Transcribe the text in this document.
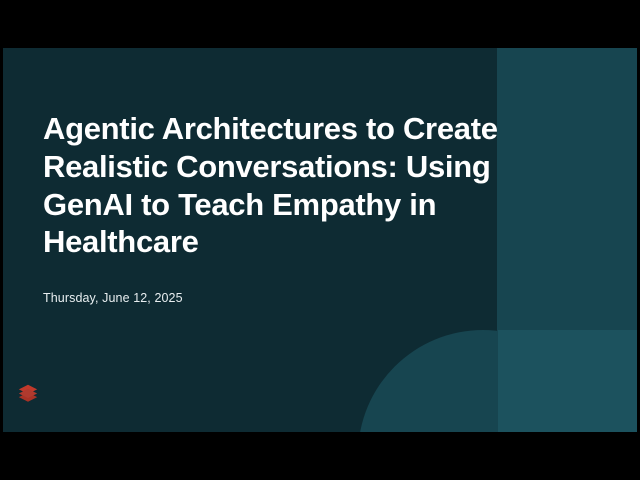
Agentic Architectures to Create Realistic Conversations: Using GenAI to Teach Empathy in Healthcare
Thursday, June 12, 2025
